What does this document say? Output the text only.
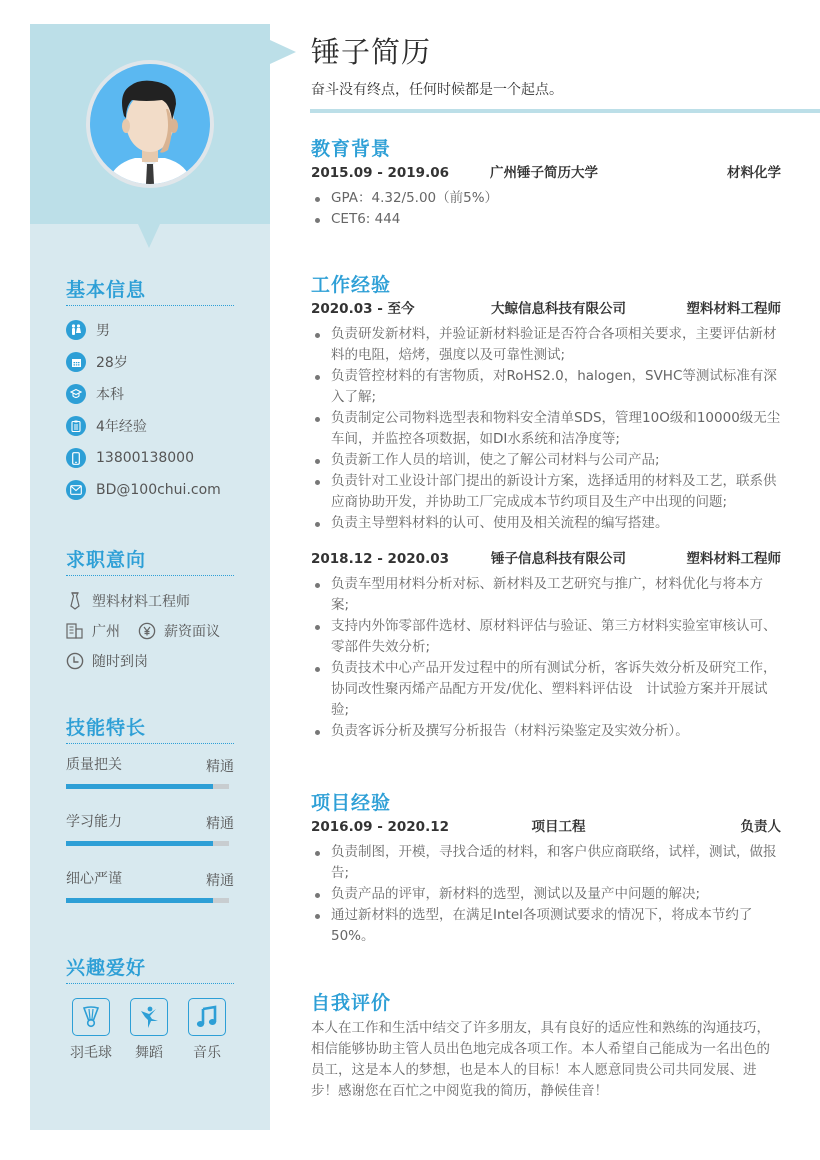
基本信息
男
28岁
本科
4年经验
13800138000
BD@100chui.com
求职意向
塑料材料工程师
广州	薪资面议
随时到岗
技能特长
质量把关	精通
学习能力	精通
细心严谨	精通
兴趣爱好
羽毛球 舞蹈 音乐
锤子简历
奋斗没有终点，任何时候都是一个起点。
教育背景
2015.09 - 2019.06	广州锤子简历大学	材料化学
GPA：4.32/5.00（前5%）
CET6: 444
工作经验
2020.03 - 至今	大鲸信息科技有限公司	塑料材料工程师
负责研发新材料，并验证新材料验证是否符合各项相关要求，主要评估新材料的电阻，焙烤，强度以及可靠性测试;
负责管控材料的有害物质，对RoHS2.0，halogen，SVHC等测试标准有深入了解;
负责制定公司物料选型表和物料安全清单SDS，管理10O级和10000级无尘车间，并监控各项数据，如DI水系统和洁净度等;
负责新工作人员的培训，使之了解公司材料与公司产品;
负责针对工业设计部门提出的新设计方案，选择适用的材料及工艺，联系供应商协助开发，并协助工厂完成成本节约项目及生产中出现的问题;
负责主导塑料材料的认可、使用及相关流程的编写搭建。
2018.12 - 2020.03	锤子信息科技有限公司	塑料材料工程师
负责车型用材料分析对标、新材料及工艺研究与推广，材料优化与将本方案;
支持内外饰零部件选材、原材料评估与验证、第三方材料实验室审核认可、零部件失效分析;
负责技术中心产品开发过程中的所有测试分析，客诉失效分析及研究工作，协同改性聚丙烯产品配方开发/优化、塑料料评估设　计试验方案并开展试验;
负责客诉分析及撰写分析报告（材料污染鉴定及实效分析）。
项目经验
2016.09 - 2020.12	项目工程	负责人
负责制图，开模，寻找合适的材料，和客户供应商联络，试样，测试，做报告;
负责产品的评审，新材料的选型，测试以及量产中问题的解决;
通过新材料的选型，在满足Intel各项测试要求的情况下，将成本节约了50%。
自我评价
本人在工作和生活中结交了许多朋友，具有良好的适应性和熟练的沟通技巧，相信能够协助主管人员出色地完成各项工作。本人希望自己能成为一名出色的员工，这是本人的梦想，也是本人的目标！本人愿意同贵公司共同发展、进步！感谢您在百忙之中阅览我的简历，静候佳音！
